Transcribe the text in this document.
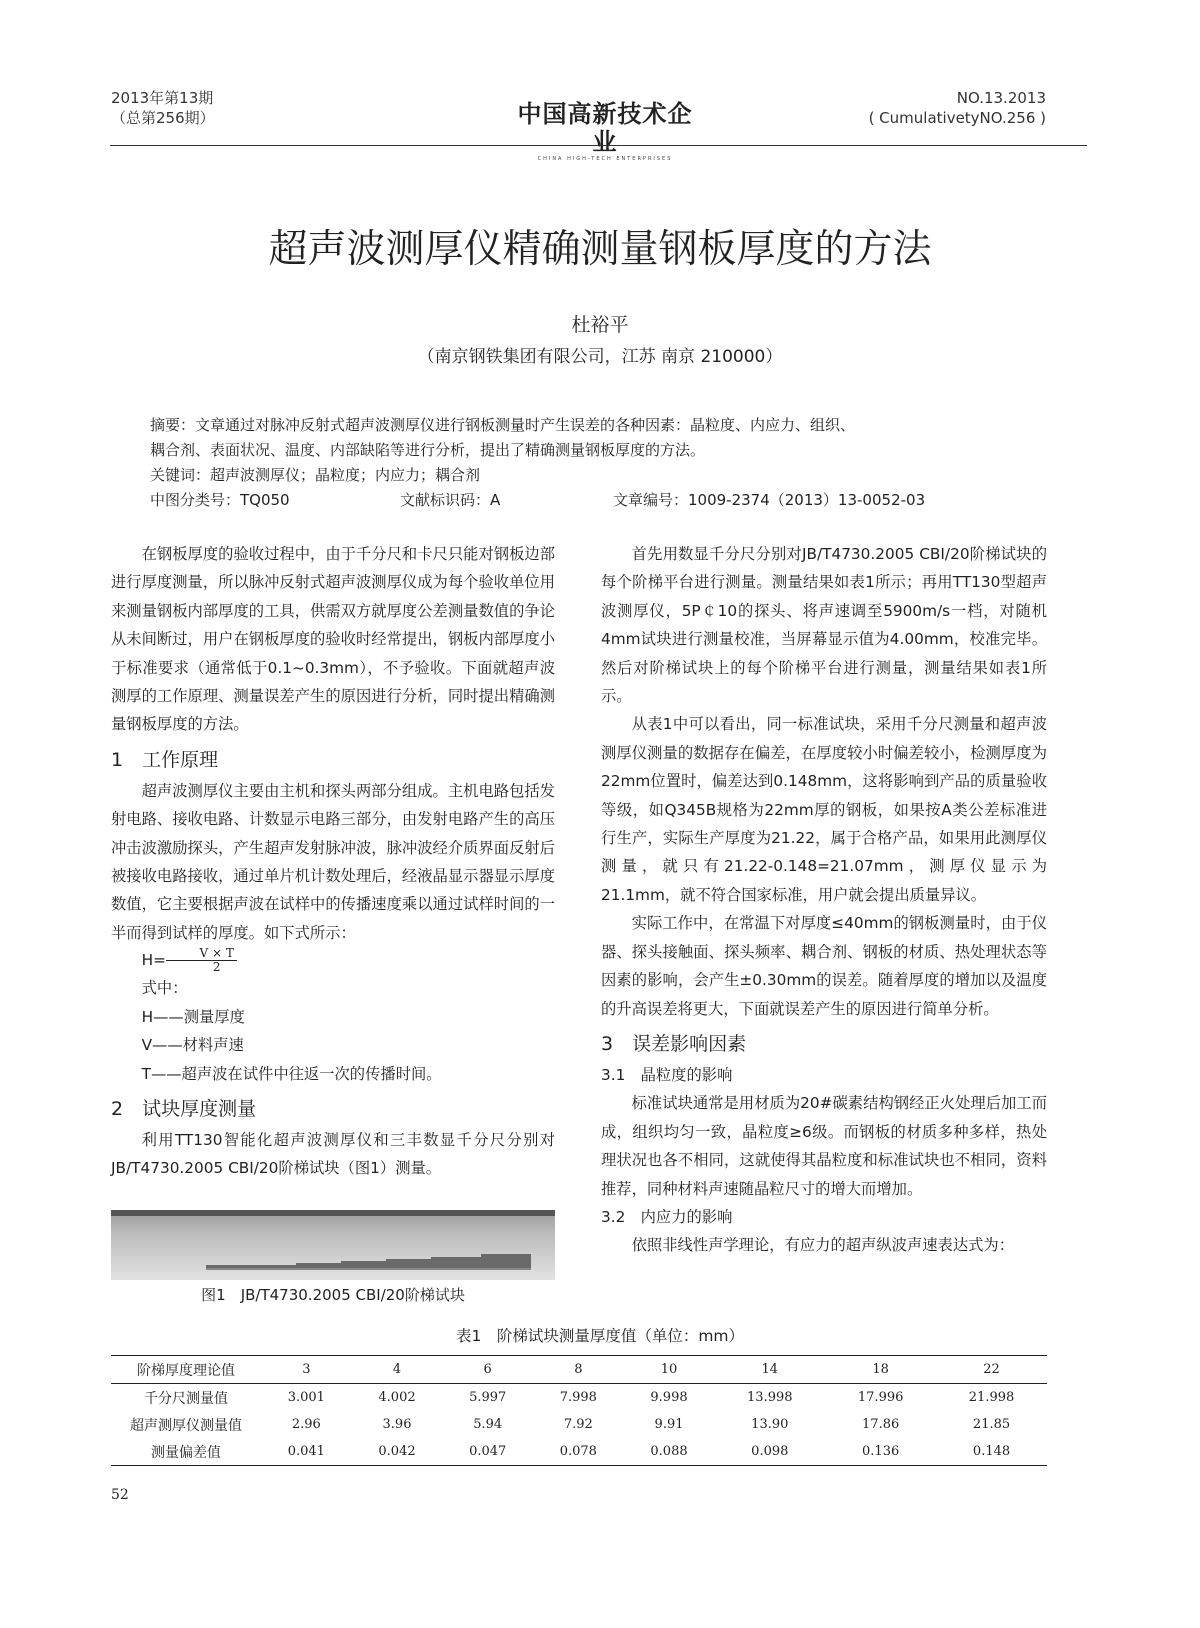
2013年第13期
（总第256期）	中国高新技术企业
CHINA HIGH-TECH ENTERPRISES
NO.13.2013
( CumulativetyNO.256 )
超声波测厚仪精确测量钢板厚度的方法
杜裕平
（南京钢铁集团有限公司，江苏 南京 210000）

摘要：文章通过对脉冲反射式超声波测厚仪进行钢板测量时产生误差的各种因素：晶粒度、内应力、组织、

耦合剂、表面状况、温度、内部缺陷等进行分析，提出了精确测量钢板厚度的方法。

关键词：超声波测厚仪；晶粒度；内应力；耦合剂

中图分类号：TQ050	文献标识码：A	文章编号：1009-2374（2013）13-0052-03

在钢板厚度的验收过程中，由于千分尺和卡尺只能对钢板边部进行厚度测量，所以脉冲反射式超声波测厚仪成为每个验收单位用来测量钢板内部厚度的工具，供需双方就厚度公差测量数值的争论从未间断过，用户在钢板厚度的验收时经常提出，钢板内部厚度小于标准要求（通常低于0.1~0.3mm），不予验收。下面就超声波测厚的工作原理、测量误差产生的原因进行分析，同时提出精确测量钢板厚度的方法。

1　工作原理

超声波测厚仪主要由主机和探头两部分组成。主机电路包括发射电路、接收电路、计数显示电路三部分，由发射电路产生的高压冲击波激励探头，产生超声发射脉冲波，脉冲波经介质界面反射后被接收电路接收，通过单片机计数处理后，经液晶显示器显示厚度数值，它主要根据声波在试样中的传播速度乘以通过试样时间的一半而得到试样的厚度。如下式所示：

$H= \frac{V \times T}{2}$

式中：

H——测量厚度

V——材料声速

T——超声波在试件中往返一次的传播时间。

2　试块厚度测量

利用TT130智能化超声波测厚仪和三丰数显千分尺分别对JB/T4730.2005 CBI/20阶梯试块（图1）测量。

图1　JB/T4730.2005 CBI/20阶梯试块

首先用数显千分尺分别对JB/T4730.2005 CBI/20阶梯试块的每个阶梯平台进行测量。测量结果如表1所示；再用TT130型超声波测厚仪，5P￠10的探头、将声速调至5900m/s一档，对随机4mm试块进行测量校准，当屏幕显示值为4.00mm，校准完毕。然后对阶梯试块上的每个阶梯平台进行测量，测量结果如表1所示。

从表1中可以看出，同一标准试块，采用千分尺测量和超声波测厚仪测量的数据存在偏差，在厚度较小时偏差较小，检测厚度为22mm位置时，偏差达到0.148mm，这将影响到产品的质量验收等级，如Q345B规格为22mm厚的钢板，如果按A类公差标准进行生产，实际生产厚度为21.22，属于合格产品，如果用此测厚仪测量，就只有21.22-0.148=21.07mm，测厚仪显示为21.1mm，就不符合国家标准，用户就会提出质量异议。

实际工作中，在常温下对厚度≤40mm的钢板测量时，由于仪器、探头接触面、探头频率、耦合剂、钢板的材质、热处理状态等因素的影响，会产生±0.30mm的误差。随着厚度的增加以及温度的升高误差将更大，下面就误差产生的原因进行简单分析。

3　误差影响因素
3.1　晶粒度的影响

标准试块通常是用材质为20#碳素结构钢经正火处理后加工而成，组织均匀一致，晶粒度≥6级。而钢板的材质多种多样，热处理状况也各不相同，这就使得其晶粒度和标准试块也不相同，资料推荐，同种材料声速随晶粒尺寸的增大而增加。

3.2　内应力的影响

依照非线性声学理论，有应力的超声纵波声速表达式为：

表1　阶梯试块测量厚度值（单位：mm）
阶梯厚度理论值	3	4	6	8	10	14	18	22
千分尺测量值	3.001	4.002	5.997	7.998	9.998	13.998	17.996	21.998
超声测厚仪测量值	2.96	3.96	5.94	7.92	9.91	13.90	17.86	21.85
测量偏差值	0.041	0.042	0.047	0.078	0.088	0.098	0.136	0.148
52
